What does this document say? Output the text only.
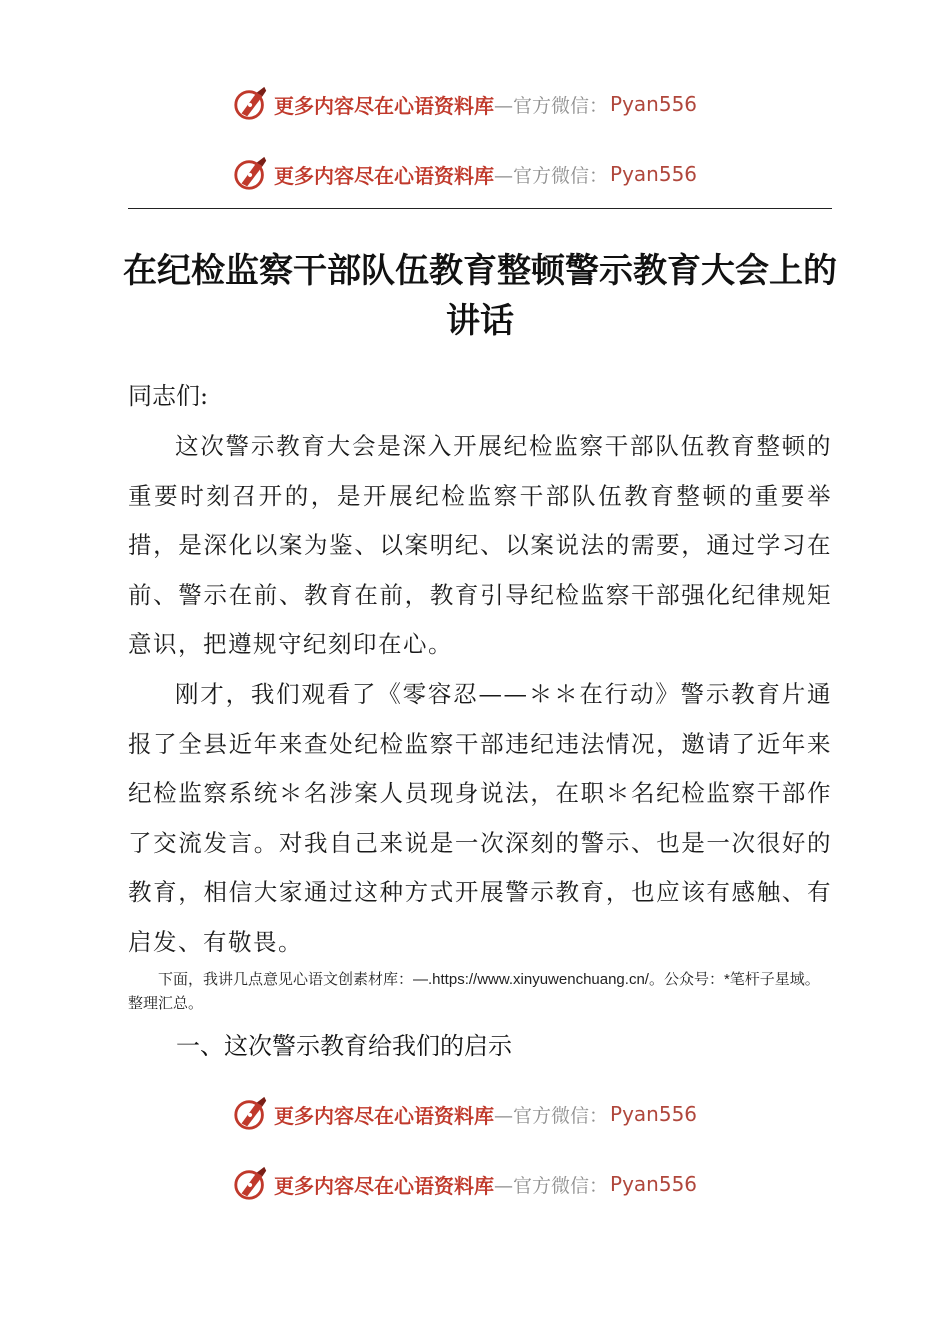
更多内容尽在心语资料库 —官方微信： Pyan556
更多内容尽在心语资料库 —官方微信： Pyan556
在纪检监察干部队伍教育整顿警示教育大会上的讲话

同志们:

这次警示教育大会是深入开展纪检监察干部队伍教育整顿的重要时刻召开的，是开展纪检监察干部队伍教育整顿的重要举措，是深化以案为鉴、以案明纪、以案说法的需要，通过学习在前、警示在前、教育在前，教育引导纪检监察干部强化纪律规矩意识，把遵规守纪刻印在心。

刚才，我们观看了《零容忍——＊＊在行动》警示教育片通报了全县近年来查处纪检监察干部违纪违法情况，邀请了近年来纪检监察系统＊名涉案人员现身说法，在职＊名纪检监察干部作了交流发言。对我自己来说是一次深刻的警示、也是一次很好的教育，相信大家通过这种方式开展警示教育，也应该有感触、有启发、有敬畏。

下面，我讲几点意见心语文创素材库：—.https://www.xinyuwenchuang.cn/。公众号：*笔杆子星域。整理汇总。

一、这次警示教育给我们的启示

更多内容尽在心语资料库 —官方微信： Pyan556
更多内容尽在心语资料库 —官方微信： Pyan556
